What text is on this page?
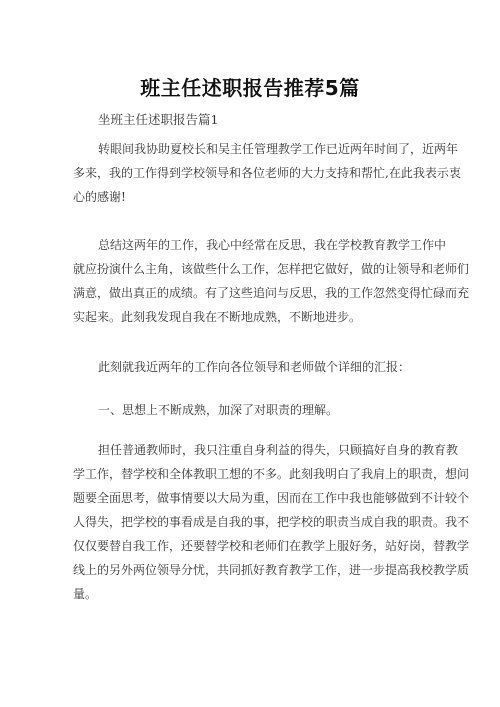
班主任述职报告推荐5篇
坐班主任述职报告篇1
转眼间我协助夏校长和吴主任管理教学工作已近两年时间了，近两年
多来，我的工作得到学校领导和各位老师的大力支持和帮忙,在此我表示衷
心的感谢!
总结这两年的工作，我心中经常在反思，我在学校教育教学工作中
就应扮演什么主角，该做些什么工作，怎样把它做好，做的让领导和老师们
满意，做出真正的成绩。有了这些追问与反思，我的工作忽然变得忙碌而充
实起来。此刻我发现自我在不断地成熟，不断地进步。
此刻就我近两年的工作向各位领导和老师做个详细的汇报：
一、思想上不断成熟，加深了对职责的理解。
担任普通教师时，我只注重自身利益的得失，只顾搞好自身的教育教
学工作，替学校和全体教职工想的不多。此刻我明白了我肩上的职责，想问
题要全面思考，做事情要以大局为重，因而在工作中我也能够做到不计较个
人得失，把学校的事看成是自我的事，把学校的职责当成自我的职责。我不
仅仅要替自我工作，还要替学校和老师们在教学上服好务，站好岗，替教学
线上的另外两位领导分忧，共同抓好教育教学工作，进一步提高我校教学质
量。
